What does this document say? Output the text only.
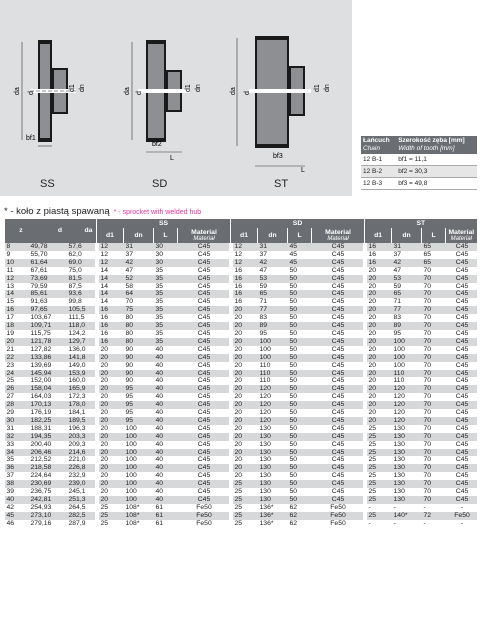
da d
d1 dn
bf1
SS
da d
d1 dn
bf2
L
SD
da d
d1 dn
bf3
L
ST
Łańcuch
Chain	Szerokość zęba [mm]
Width of tooth [mm]

12 B-1	bf1 = 11,1
12 B-2	bf2 = 30,3
12 B-3	bf3 = 49,8
* - koło z piastą spawaną * - sprocket with welded hub
z	d	da
	SS	SD	ST
d1	dn	L	Material
Materiał	d1	dn	L	Material
Materiał	d1	dn	L	Material
Materiał

8	49,78	57,6	12	31	30	C45	12	31	45	C45	16	31	65	C45
9	55,70	62,0	12	37	30	C45	12	37	45	C45	16	37	65	C45
10	61,64	69,0	12	42	30	C45	12	42	45	C45	16	42	65	C45
11	67,61	75,0	14	47	35	C45	16	47	50	C45	20	47	70	C45
12	73,69	81,5	14	52	35	C45	16	53	50	C45	20	53	70	C45
13	79,59	87,5	14	58	35	C45	16	59	50	C45	20	59	70	C45
14	85,61	93,6	14	64	35	C45	16	65	50	C45	20	65	70	C45
15	91,63	99,8	14	70	35	C45	16	71	50	C45	20	71	70	C45
16	97,65	105,5	16	75	35	C45	20	77	50	C45	20	77	70	C45
17	103,67	111,5	16	80	35	C45	20	83	50	C45	20	83	70	C45
18	109,71	118,0	16	80	35	C45	20	89	50	C45	20	89	70	C45
19	115,75	124,2	16	80	35	C45	20	95	50	C45	20	95	70	C45
20	121,78	129,7	16	80	35	C45	20	100	50	C45	20	100	70	C45
21	127,82	136,0	20	90	40	C45	20	100	50	C45	20	100	70	C45
22	133,86	141,8	20	90	40	C45	20	100	50	C45	20	100	70	C45
23	139,69	149,0	20	90	40	C45	20	110	50	C45	20	100	70	C45
24	145,94	153,9	20	90	40	C45	20	110	50	C45	20	110	70	C45
25	152,00	160,0	20	90	40	C45	20	110	50	C45	20	110	70	C45
26	158,04	165,9	20	95	40	C45	20	120	50	C45	20	120	70	C45
27	164,03	172,3	20	95	40	C45	20	120	50	C45	20	120	70	C45
28	170,13	178,0	20	95	40	C45	20	120	50	C45	20	120	70	C45
29	176,19	184,1	20	95	40	C45	20	120	50	C45	20	120	70	C45
30	182,25	189,5	20	95	40	C45	20	120	50	C45	20	120	70	C45
31	188,31	196,3	20	100	40	C45	20	130	50	C45	25	130	70	C45
32	194,35	203,3	20	100	40	C45	20	130	50	C45	25	130	70	C45
33	200,40	209,3	20	100	40	C45	20	130	50	C45	25	130	70	C45
34	206,46	214,6	20	100	40	C45	20	130	50	C45	25	130	70	C45
35	212,52	221,0	20	100	40	C45	20	130	50	C45	25	130	70	C45
36	218,58	226,8	20	100	40	C45	20	130	50	C45	25	130	70	C45
37	224,64	232,9	20	100	40	C45	20	130	50	C45	25	130	70	C45
38	230,69	239,0	20	100	40	C45	25	130	50	C45	25	130	70	C45
39	236,75	245,1	20	100	40	C45	25	130	50	C45	25	130	70	C45
40	242,81	251,3	20	100	40	C45	25	130	50	C45	25	130	70	C45
42	254,93	264,5	25	108*	61	Fe50	25	136*	62	Fe50	-	-	-	-
45	273,10	282,5	25	108*	61	Fe50	25	136*	62	Fe50	25	140*	72	Fe50
46	279,16	287,9	25	108*	61	Fe50	25	136*	62	Fe50	-	-	-	-
